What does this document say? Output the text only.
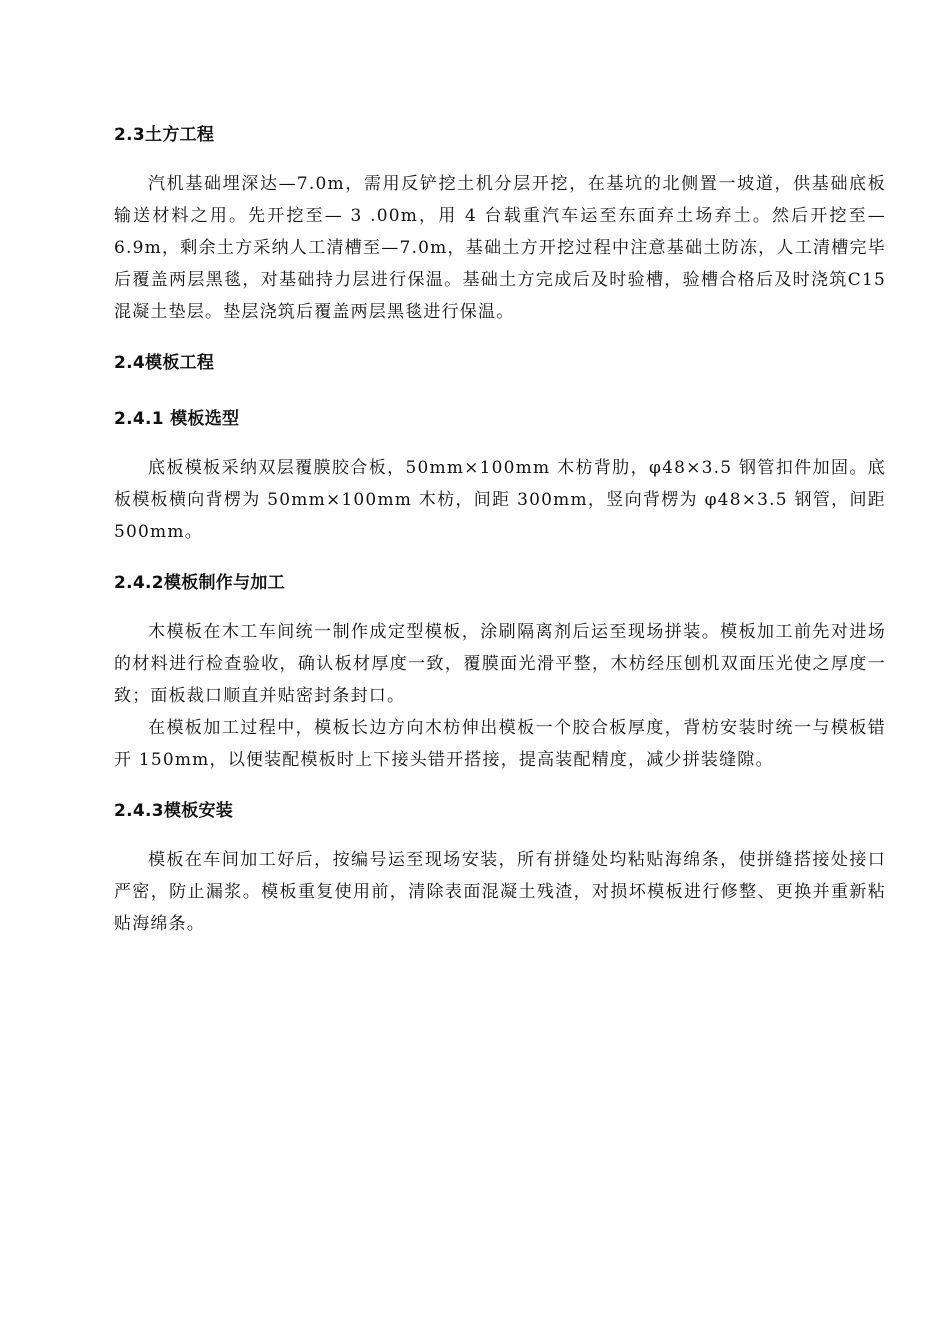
2.3土方工程
汽机基础埋深达—7.0m，需用反铲挖土机分层开挖，在基坑的北侧置一坡道，供基础底板输送材料之用。先开挖至— 3 .00m，用 4 台载重汽车运至东面弃土场弃土。然后开挖至—6.9m，剩余土方采纳人工清槽至—7.0m，基础土方开挖过程中注意基础土防冻，人工清槽完毕后覆盖两层黑毯，对基础持力层进行保温。基础土方完成后及时验槽，验槽合格后及时浇筑C15 混凝土垫层。垫层浇筑后覆盖两层黑毯进行保温。
2.4模板工程
2.4.1 模板选型
底板模板采纳双层覆膜胶合板，50mm×100mm 木枋背肋，φ48×3.5 钢管扣件加固。底板模板横向背楞为 50mm×100mm 木枋，间距 300mm，竖向背楞为 φ48×3.5 钢管，间距 500mm。
2.4.2模板制作与加工
木模板在木工车间统一制作成定型模板，涂刷隔离剂后运至现场拼装。模板加工前先对进场的材料进行检查验收，确认板材厚度一致，覆膜面光滑平整，木枋经压刨机双面压光使之厚度一致；面板裁口顺直并贴密封条封口。
在模板加工过程中，模板长边方向木枋伸出模板一个胶合板厚度，背枋安装时统一与模板错开 150mm，以便装配模板时上下接头错开搭接，提高装配精度，减少拼装缝隙。
2.4.3模板安装
模板在车间加工好后，按编号运至现场安装，所有拼缝处均粘贴海绵条，使拼缝搭接处接口严密，防止漏浆。模板重复使用前，清除表面混凝土残渣，对损坏模板进行修整、更换并重新粘贴海绵条。
